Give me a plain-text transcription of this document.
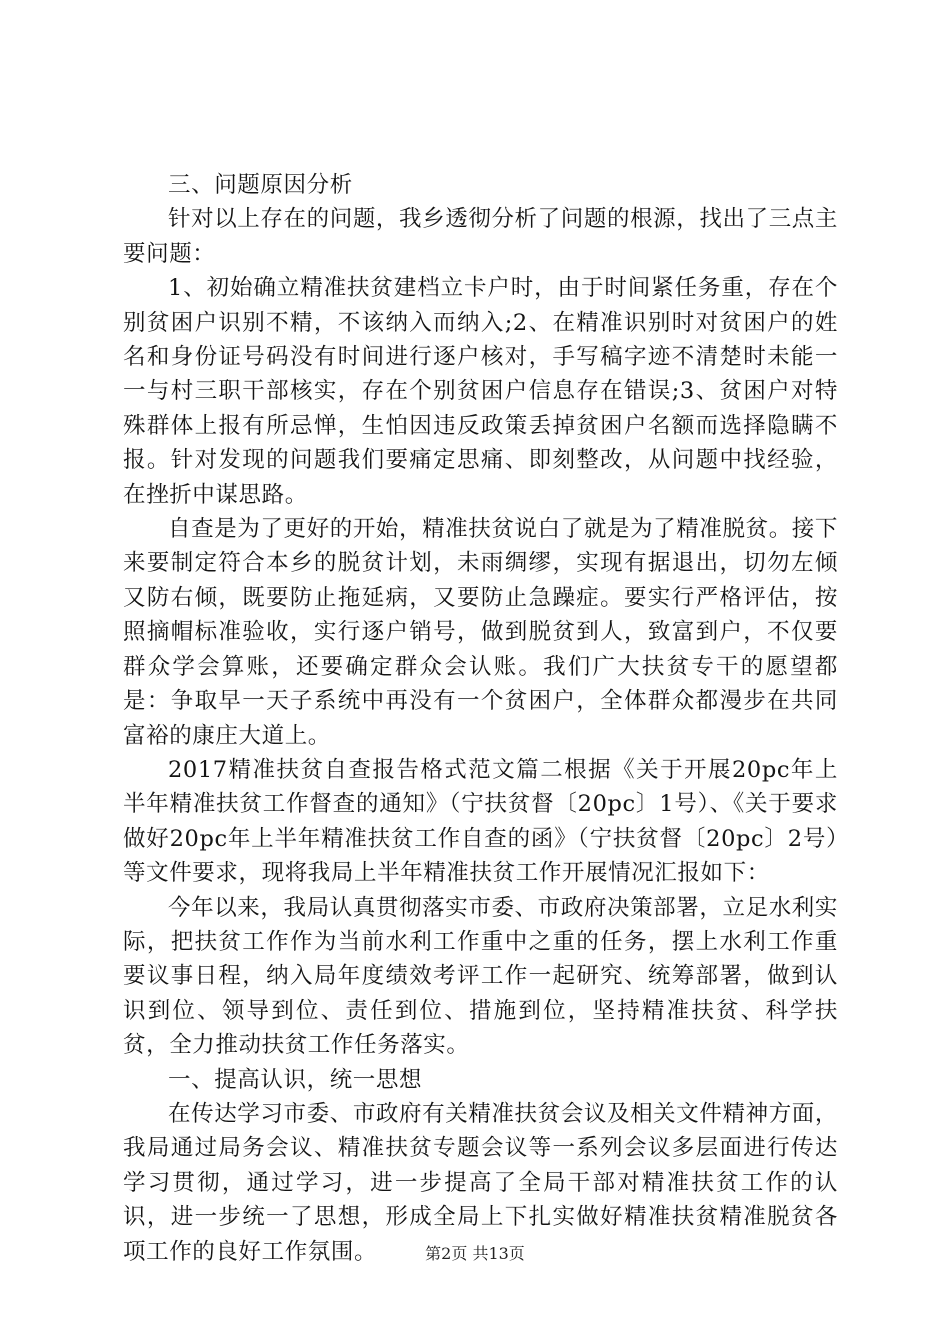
三、问题原因分析

针对以上存在的问题，我乡透彻分析了问题的根源，找出了三点主要问题：

1、初始确立精准扶贫建档立卡户时，由于时间紧任务重，存在个别贫困户识别不精，不该纳入而纳入;2、在精准识别时对贫困户的姓名和身份证号码没有时间进行逐户核对，手写稿字迹不清楚时未能一一与村三职干部核实，存在个别贫困户信息存在错误;3、贫困户对特殊群体上报有所忌惮，生怕因违反政策丢掉贫困户名额而选择隐瞒不报。针对发现的问题我们要痛定思痛、即刻整改，从问题中找经验，在挫折中谋思路。

自查是为了更好的开始，精准扶贫说白了就是为了精准脱贫。接下来要制定符合本乡的脱贫计划，未雨绸缪，实现有据退出，切勿左倾又防右倾，既要防止拖延病，又要防止急躁症。要实行严格评估，按照摘帽标准验收，实行逐户销号，做到脱贫到人，致富到户，不仅要群众学会算账，还要确定群众会认账。我们广大扶贫专干的愿望都是：争取早一天子系统中再没有一个贫困户，全体群众都漫步在共同富裕的康庄大道上。

2017精准扶贫自查报告格式范文篇二根据《关于开展20pc年上半年精准扶贫工作督查的通知》（宁扶贫督〔20pc〕1号）、《关于要求做好20pc年上半年精准扶贫工作自查的函》（宁扶贫督〔20pc〕2号）等文件要求，现将我局上半年精准扶贫工作开展情况汇报如下：

今年以来，我局认真贯彻落实市委、市政府决策部署，立足水利实际，把扶贫工作作为当前水利工作重中之重的任务，摆上水利工作重要议事日程，纳入局年度绩效考评工作一起研究、统筹部署，做到认识到位、领导到位、责任到位、措施到位，坚持精准扶贫、科学扶贫，全力推动扶贫工作任务落实。

一、提高认识，统一思想

在传达学习市委、市政府有关精准扶贫会议及相关文件精神方面，我局通过局务会议、精准扶贫专题会议等一系列会议多层面进行传达学习贯彻，通过学习，进一步提高了全局干部对精准扶贫工作的认识，进一步统一了思想，形成全局上下扎实做好精准扶贫精准脱贫各项工作的良好工作氛围。	第2页 共13页
